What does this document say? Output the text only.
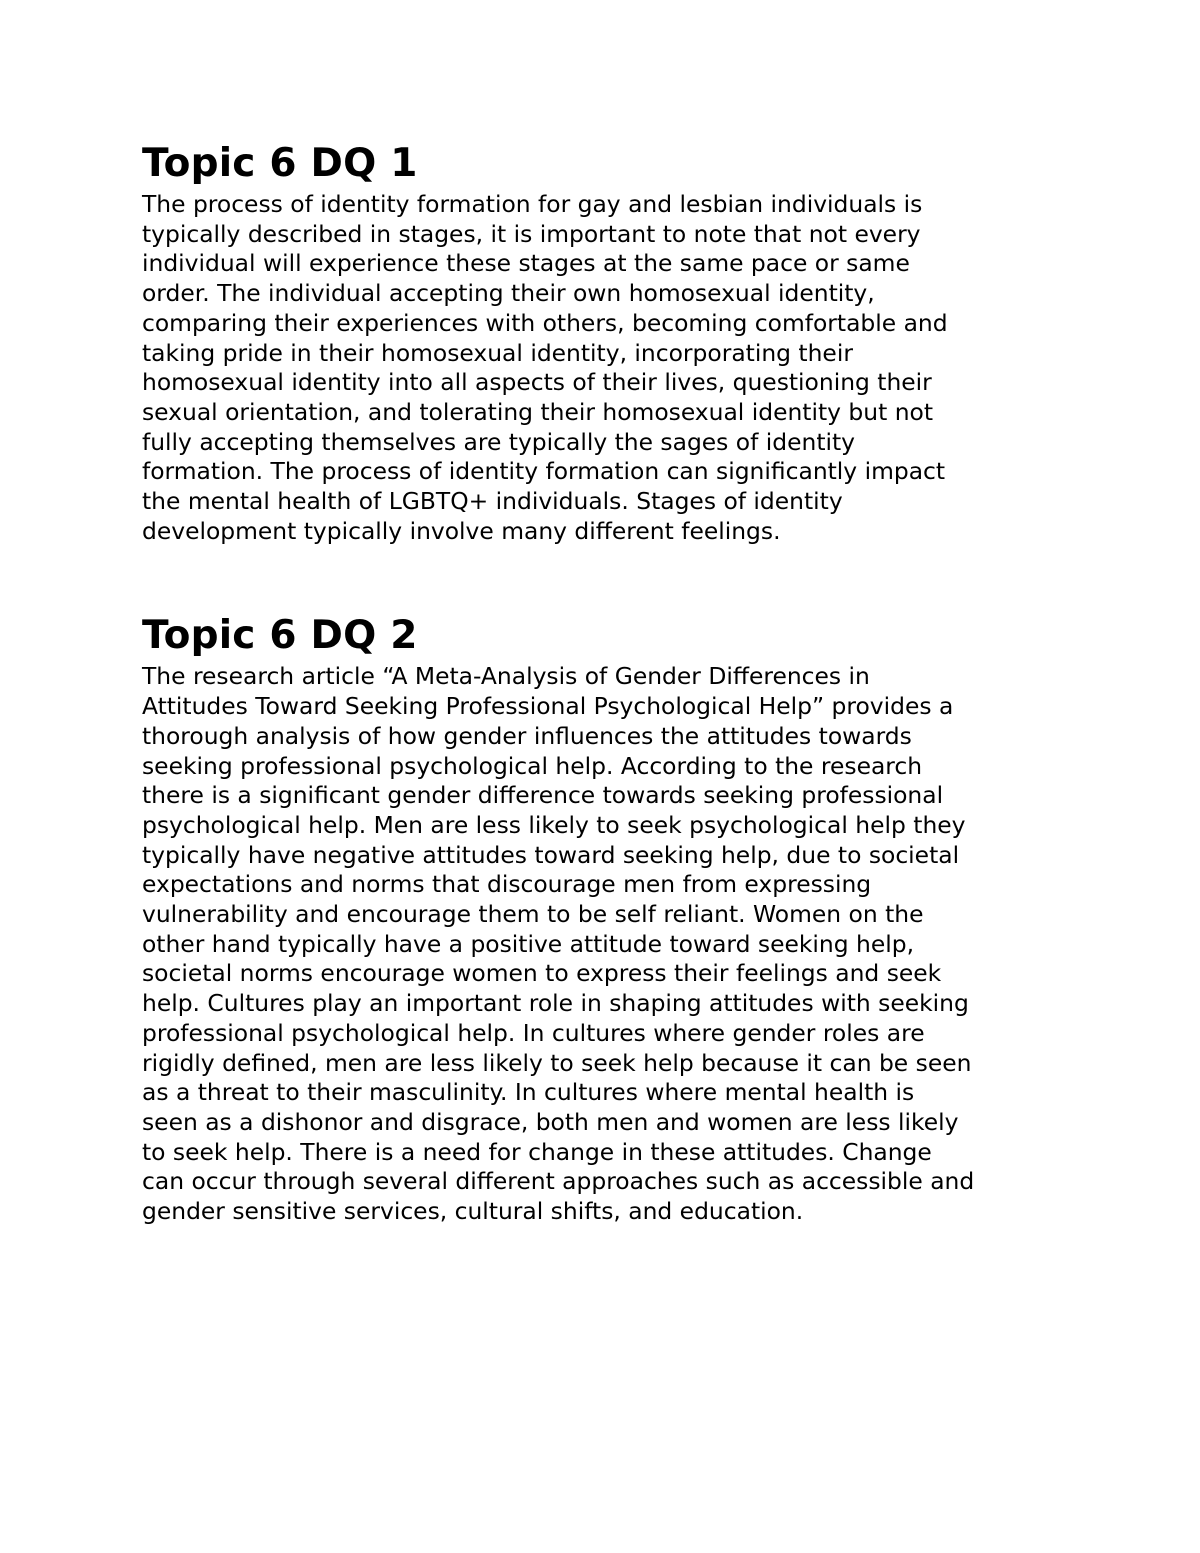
Topic 6 DQ 1

The process of identity formation for gay and lesbian individuals is
typically described in stages, it is important to note that not every
individual will experience these stages at the same pace or same
order. The individual accepting their own homosexual identity,
comparing their experiences with others, becoming comfortable and
taking pride in their homosexual identity, incorporating their
homosexual identity into all aspects of their lives, questioning their
sexual orientation, and tolerating their homosexual identity but not
fully accepting themselves are typically the sages of identity
formation. The process of identity formation can significantly impact
the mental health of LGBTQ+ individuals. Stages of identity
development typically involve many different feelings.

Topic 6 DQ 2

The research article “A Meta-Analysis of Gender Differences in
Attitudes Toward Seeking Professional Psychological Help” provides a
thorough analysis of how gender influences the attitudes towards
seeking professional psychological help. According to the research
there is a significant gender difference towards seeking professional
psychological help. Men are less likely to seek psychological help they
typically have negative attitudes toward seeking help, due to societal
expectations and norms that discourage men from expressing
vulnerability and encourage them to be self reliant. Women on the
other hand typically have a positive attitude toward seeking help,
societal norms encourage women to express their feelings and seek
help. Cultures play an important role in shaping attitudes with seeking
professional psychological help. In cultures where gender roles are
rigidly defined, men are less likely to seek help because it can be seen
as a threat to their masculinity. In cultures where mental health is
seen as a dishonor and disgrace, both men and women are less likely
to seek help. There is a need for change in these attitudes. Change
can occur through several different approaches such as accessible and
gender sensitive services, cultural shifts, and education.
